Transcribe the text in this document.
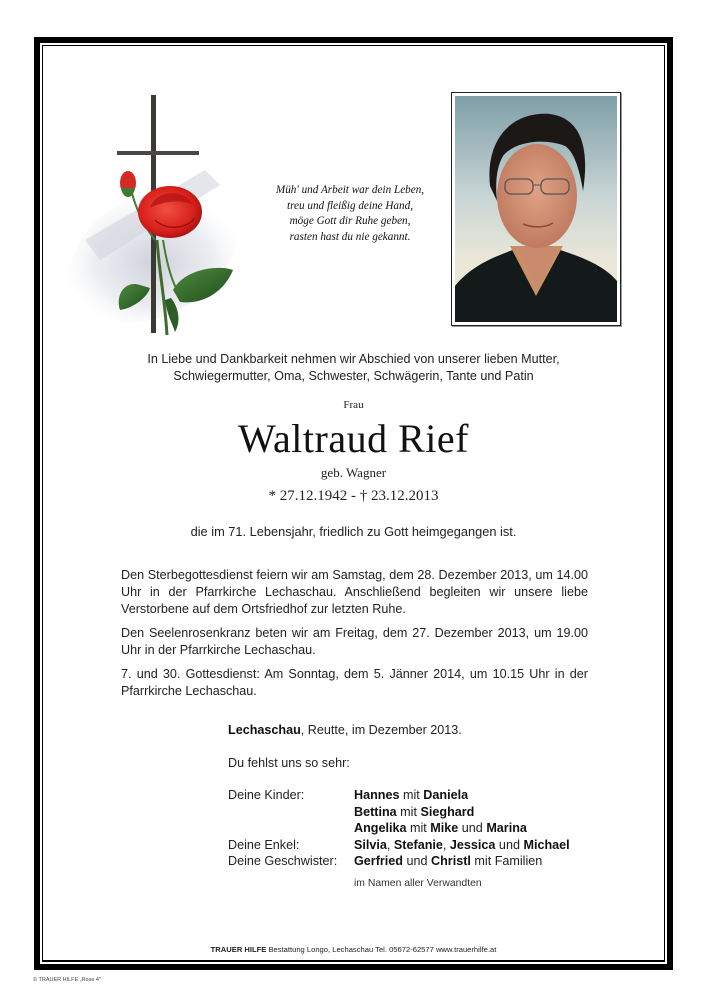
Müh' und Arbeit war dein Leben,
treu und fleißig deine Hand,
möge Gott dir Ruhe geben,
rasten hast du nie gekannt.
In Liebe und Dankbarkeit nehmen wir Abschied von unserer lieben Mutter,
Schwiegermutter, Oma, Schwester, Schwägerin, Tante und Patin
Frau
Waltraud Rief
geb. Wagner
* 27.12.1942 - † 23.12.2013
die im 71. Lebensjahr, friedlich zu Gott heimgegangen ist.

Den Sterbegottesdienst feiern wir am Samstag, dem 28. Dezember 2013, um 14.00 Uhr in der Pfarrkirche Lechaschau. Anschließend begleiten wir unsere liebe Verstorbene auf dem Ortsfriedhof zur letzten Ruhe.

Den Seelenrosenkranz beten wir am Freitag, dem 27. Dezember 2013, um 19.00 Uhr in der Pfarrkirche Lechaschau.

7. und 30. Gottesdienst: Am Sonntag, dem 5. Jänner 2014, um 10.15 Uhr in der Pfarrkirche Lechaschau.

Lechaschau, Reutte, im Dezember 2013.
Du fehlst uns so sehr:
Deine Kinder:	Hannes mit Daniela
Bettina mit Sieghard
Angelika mit Mike und Marina
Deine Enkel:	Silvia, Stefanie, Jessica und Michael
Deine Geschwister:	Gerfried und Christl mit Familien
im Namen aller Verwandten
TRAUER HILFE Bestattung Longo, Lechaschau Tel. 05672-62577 www.trauerhilfe.at
© TRAUER HILFE „Rose 4"
